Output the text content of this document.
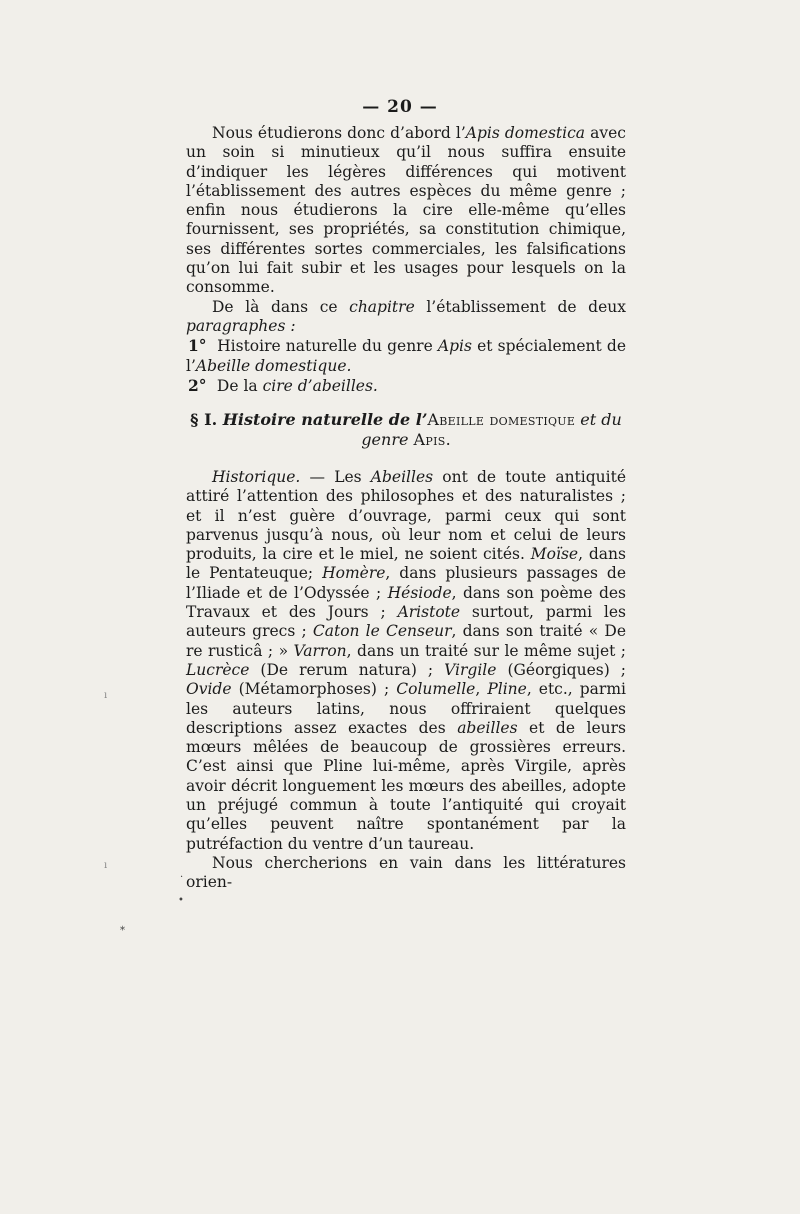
— 20 —

Nous étudierons donc d’abord l’Apis domestica avec un soin si minutieux qu’il nous suffira ensuite d’indiquer les légères différences qui motivent l’établissement des autres espèces du même genre ; enfin nous étudierons la cire elle-même qu’elles fournissent, ses propriétés, sa constitution chimique, ses différentes sortes commerciales, les falsifications qu’on lui fait subir et les usages pour lesquels on la consomme.

De là dans ce chapitre l’établissement de deux paragraphes :

1° Histoire naturelle du genre Apis et spécialement de l’Abeille domestique.

2° De la cire d’abeilles.

§ I. Histoire naturelle de l’Abeille domestique et du genre Apis.

Historique. — Les Abeilles ont de toute antiquité attiré l’attention des philosophes et des naturalistes ; et il n’est guère d’ouvrage, parmi ceux qui sont parvenus jusqu’à nous, où leur nom et celui de leurs produits, la cire et le miel, ne soient cités. Moïse, dans le Pentateuque; Homère, dans plusieurs passages de l’Iliade et de l’Odyssée ; Hésiode, dans son poème des Travaux et des Jours ; Aristote surtout, parmi les auteurs grecs ; Caton le Censeur, dans son traité « De re rusticâ ; » Varron, dans un traité sur le même sujet ; Lucrèce (De rerum natura) ; Virgile (Géorgiques) ; Ovide (Métamorphoses) ; Columelle, Pline, etc., parmi les auteurs latins, nous offriraient quelques descriptions assez exactes des abeilles et de leurs mœurs mêlées de beaucoup de grossières erreurs. C’est ainsi que Pline lui-même, après Virgile, après avoir décrit longuement les mœurs des abeilles, adopte un préjugé commun à toute l’antiquité qui croyait qu’elles peuvent naître spontanément par la putréfaction du ventre d’un taureau.

Nous chercherions en vain dans les littératures orien-

·
•
⁎
ı
ı
